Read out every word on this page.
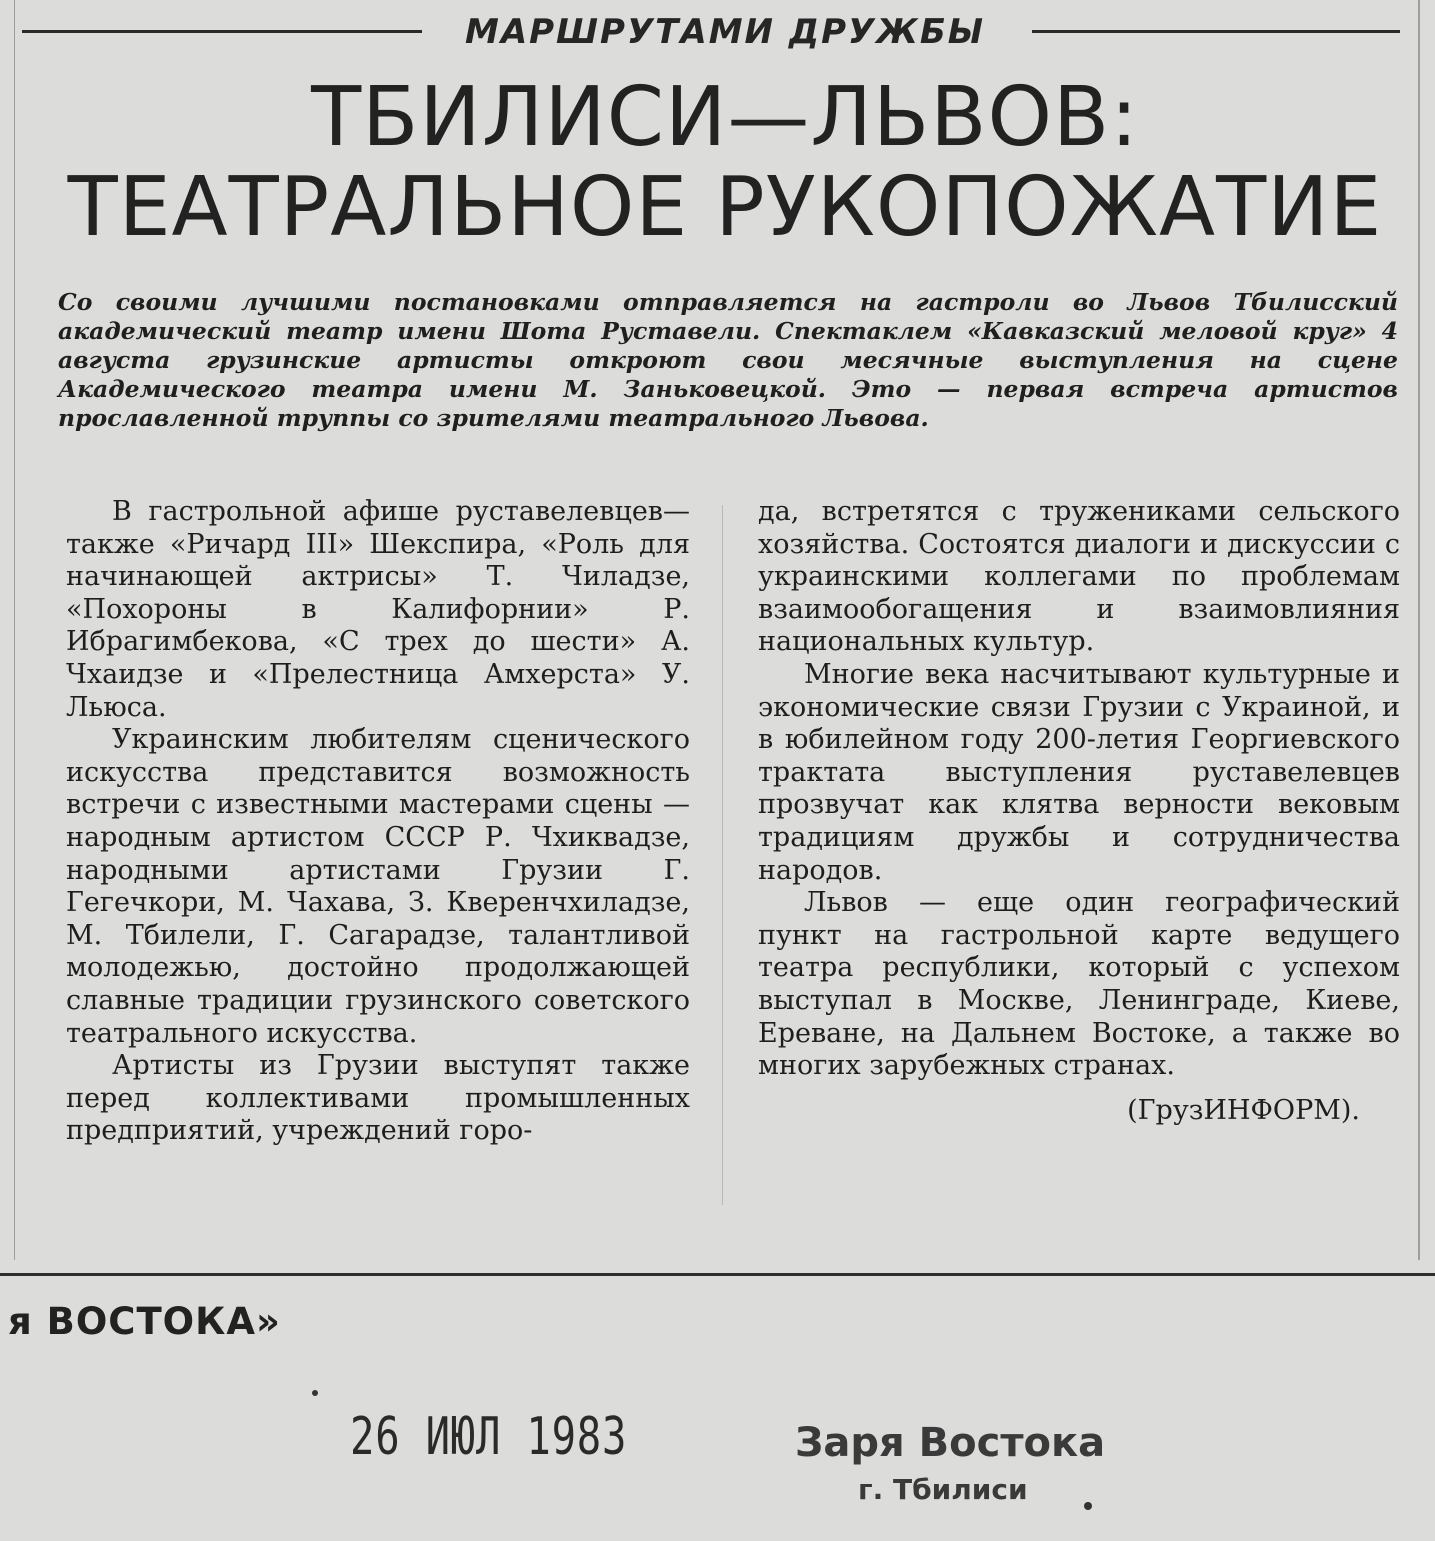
МАРШРУТАМИ ДРУЖБЫ
ТБИЛИСИ—ЛЬВОВ:
ТЕАТРАЛЬНОЕ РУКОПОЖАТИЕ
Со своими лучшими постановками отправляется на гастроли во Львов Тбилисский академический театр имени Шота Руставели. Спектаклем «Кавказский меловой круг» 4 августа грузинские артисты откроют свои месячные выступления на сцене Академического театра имени М. Заньковецкой. Это — первая встреча артистов прославленной труппы со зрителями театрального Львова.

В гастрольной афише руставелевцев—также «Ричард III» Шекспира, «Роль для начинающей актрисы» Т. Чиладзе, «Похороны в Калифорнии» Р. Ибрагимбекова, «С трех до шести» А. Чхаидзе и «Прелестница Амхерста» У. Льюса.

Украинским любителям сценического искусства представится возможность встречи с известными мастерами сцены — народным артистом СССР Р. Чхиквадзе, народными артистами Грузии Г. Гегечкори, М. Чахава, З. Кверенчхиладзе, М. Тбилели, Г. Сагарадзе, талантливой молодежью, достойно продолжающей славные традиции грузинского советского театрального искусства.

Артисты из Грузии выступят также перед коллективами промышленных предприятий, учреждений горо-

да, встретятся с тружениками сельского хозяйства. Состоятся диалоги и дискуссии с украинскими коллегами по проблемам взаимообогащения и взаимовлияния национальных культур.

Многие века насчитывают культурные и экономические связи Грузии с Украиной, и в юбилейном году 200-летия Георгиевского трактата выступления руставелевцев прозвучат как клятва верности вековым традициям дружбы и сотрудничества народов.

Львов — еще один географический пункт на гастрольной карте ведущего театра республики, который с успехом выступал в Москве, Ленинграде, Киеве, Ереване, на Дальнем Востоке, а также во многих зарубежных странах.

(ГрузИНФОРМ).

я ВОСТОКА»
26 ИЮЛ 1983	Заря Востока
г. Тбилиси
